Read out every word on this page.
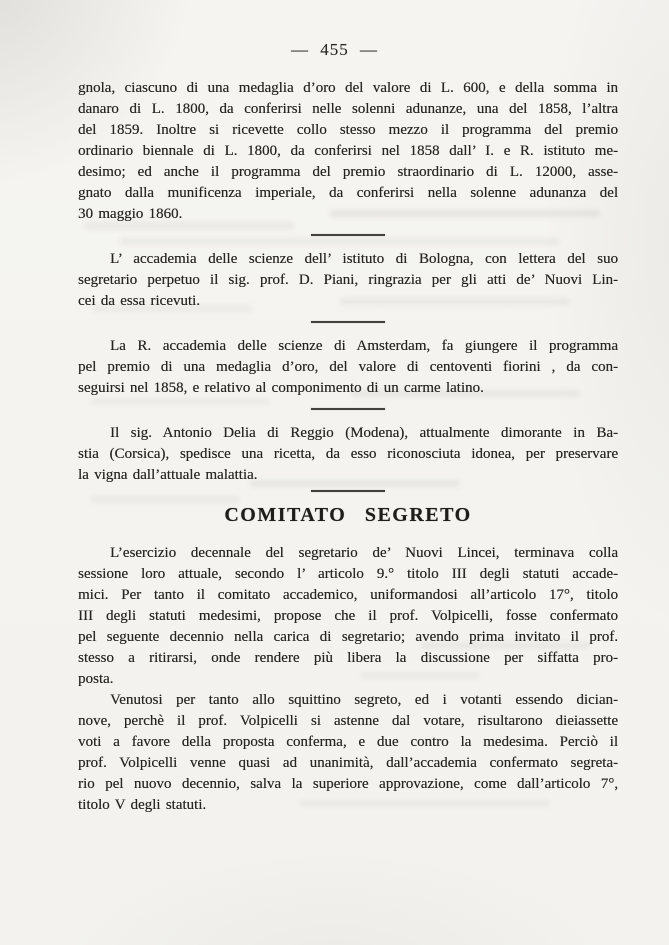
— 455 —
gnola, ciascuno di una medaglia d’oro del valore di L. 600, e della somma in
danaro di L. 1800, da conferirsi nelle solenni adunanze, una del 1858, l’altra
del 1859. Inoltre si ricevette collo stesso mezzo il programma del premio
ordinario biennale di L. 1800, da conferirsi nel 1858 dall’ I. e R. istituto me-
desimo; ed anche il programma del premio straordinario di L. 12000, asse-
gnato dalla munificenza imperiale, da conferirsi nella solenne adunanza del
30 maggio 1860.
L’ accademia delle scienze dell’ istituto di Bologna, con lettera del suo
segretario perpetuo il sig. prof. D. Piani, ringrazia per gli atti de’ Nuovi Lin-
cei da essa ricevuti.
La R. accademia delle scienze di Amsterdam, fa giungere il programma
pel premio di una medaglia d’oro, del valore di centoventi fiorini , da con-
seguirsi nel 1858, e relativo al componimento di un carme latino.
Il sig. Antonio Delia di Reggio (Modena), attualmente dimorante in Ba-
stia (Corsica), spedisce una ricetta, da esso riconosciuta idonea, per preservare
la vigna dall’attuale malattia.
COMITATO SEGRETO
L’esercizio decennale del segretario de’ Nuovi Lincei, terminava colla
sessione loro attuale, secondo l’ articolo 9.° titolo III degli statuti accade-
mici. Per tanto il comitato accademico, uniformandosi all’articolo 17°, titolo
III degli statuti medesimi, propose che il prof. Volpicelli, fosse confermato
pel seguente decennio nella carica di segretario; avendo prima invitato il prof.
stesso a ritirarsi, onde rendere più libera la discussione per siffatta pro-
posta.
Venutosi per tanto allo squittino segreto, ed i votanti essendo dician-
nove, perchè il prof. Volpicelli si astenne dal votare, risultarono dieiassette
voti a favore della proposta conferma, e due contro la medesima. Perciò il
prof. Volpicelli venne quasi ad unanimità, dall’accademia confermato segreta-
rio pel nuovo decennio, salva la superiore approvazione, come dall’articolo 7°,
titolo V degli statuti.
